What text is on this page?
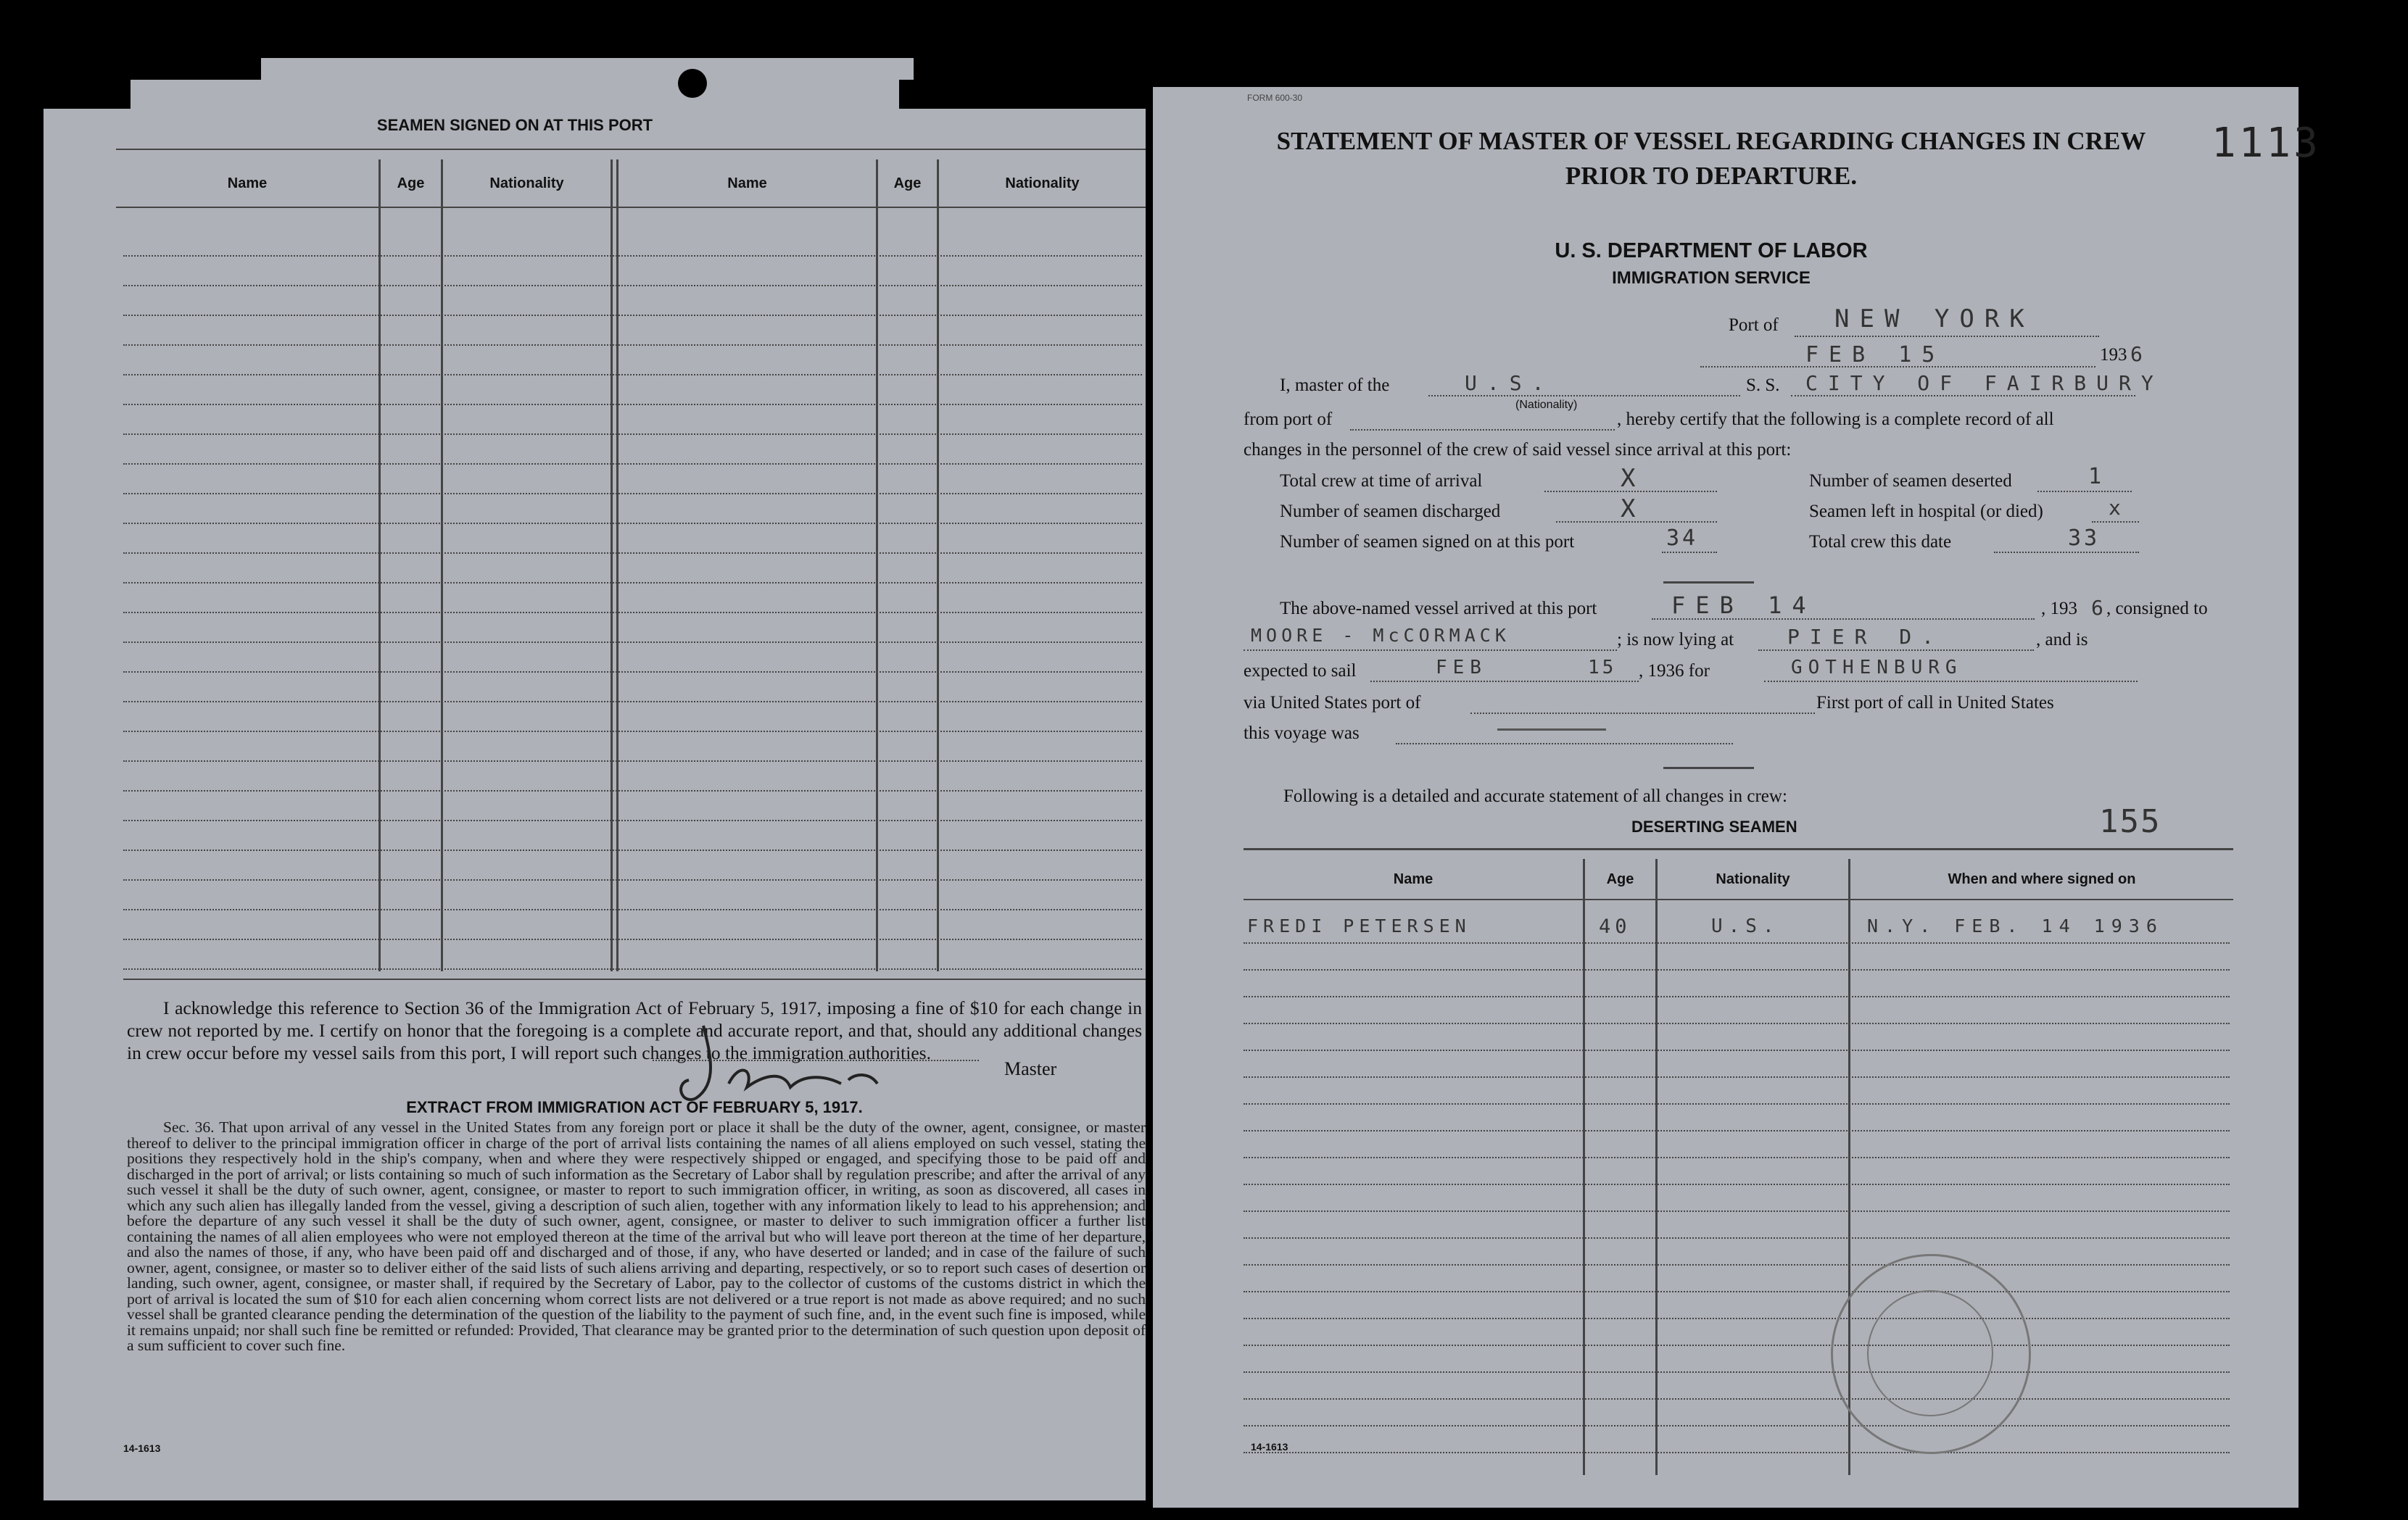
SEAMEN SIGNED ON AT THIS PORT
Name	Age	Nationality	Name	Age	Nationality
I acknowledge this reference to Section 36 of the Immigration Act of February 5, 1917, imposing a fine of $10 for each change in crew not reported by me. I certify on honor that the foregoing is a complete and accurate report, and that, should any additional changes in crew occur before my vessel sails from this port, I will report such changes to the immigration authorities.
Master
EXTRACT FROM IMMIGRATION ACT OF FEBRUARY 5, 1917.
Sec. 36. That upon arrival of any vessel in the United States from any foreign port or place it shall be the duty of the owner, agent, consignee, or master thereof to deliver to the principal immigration officer in charge of the port of arrival lists containing the names of all aliens employed on such vessel, stating the positions they respectively hold in the ship's company, when and where they were respectively shipped or engaged, and specifying those to be paid off and discharged in the port of arrival; or lists containing so much of such information as the Secretary of Labor shall by regulation prescribe; and after the arrival of any such vessel it shall be the duty of such owner, agent, consignee, or master to report to such immigration officer, in writing, as soon as discovered, all cases in which any such alien has illegally landed from the vessel, giving a description of such alien, together with any information likely to lead to his apprehension; and before the departure of any such vessel it shall be the duty of such owner, agent, consignee, or master to deliver to such immigration officer a further list containing the names of all alien employees who were not employed thereon at the time of the arrival but who will leave port thereon at the time of her departure, and also the names of those, if any, who have been paid off and discharged and of those, if any, who have deserted or landed; and in case of the failure of such owner, agent, consignee, or master so to deliver either of the said lists of such aliens arriving and departing, respectively, or so to report such cases of desertion or landing, such owner, agent, consignee, or master shall, if required by the Secretary of Labor, pay to the collector of customs of the customs district in which the port of arrival is located the sum of $10 for each alien concerning whom correct lists are not delivered or a true report is not made as above required; and no such vessel shall be granted clearance pending the determination of the question of the liability to the payment of such fine, and, in the event such fine is imposed, while it remains unpaid; nor shall such fine be remitted or refunded: Provided, That clearance may be granted prior to the determination of such question upon deposit of a sum sufficient to cover such fine.
14-1613
FORM 600-30
1113
STATEMENT OF MASTER OF VESSEL REGARDING CHANGES IN CREW
PRIOR TO DEPARTURE.
U. S. DEPARTMENT OF LABOR
IMMIGRATION SERVICE
Port of NEW YORK
FEB 15	193 6
I, master of the	U.S.
(Nationality)
S. S. CITY OF FAIRBURY
from port of	, hereby certify that the following is a complete record of all
changes in the personnel of the crew of said vessel since arrival at this port:
Total crew at time of arrival	X	Number of seamen deserted	1
Number of seamen discharged	X	Seamen left in hospital (or died)	x
Number of seamen signed on at this port	34	Total crew this date	33
The above-named vessel arrived at this port	FEB 14	, 193 6 , consigned to
MOORE - McCORMACK	; is now lying at	PIER D.	, and is
expected to sail	FEB	15 , 1936 for	GOTHENBURG
via United States port of	First port of call in United States
this voyage was
Following is a detailed and accurate statement of all changes in crew:
DESERTING SEAMEN	155
Name	Age	Nationality	When and where signed on
FREDI PETERSEN	40	U.S.	N.Y. FEB. 14 1936
14-1613
